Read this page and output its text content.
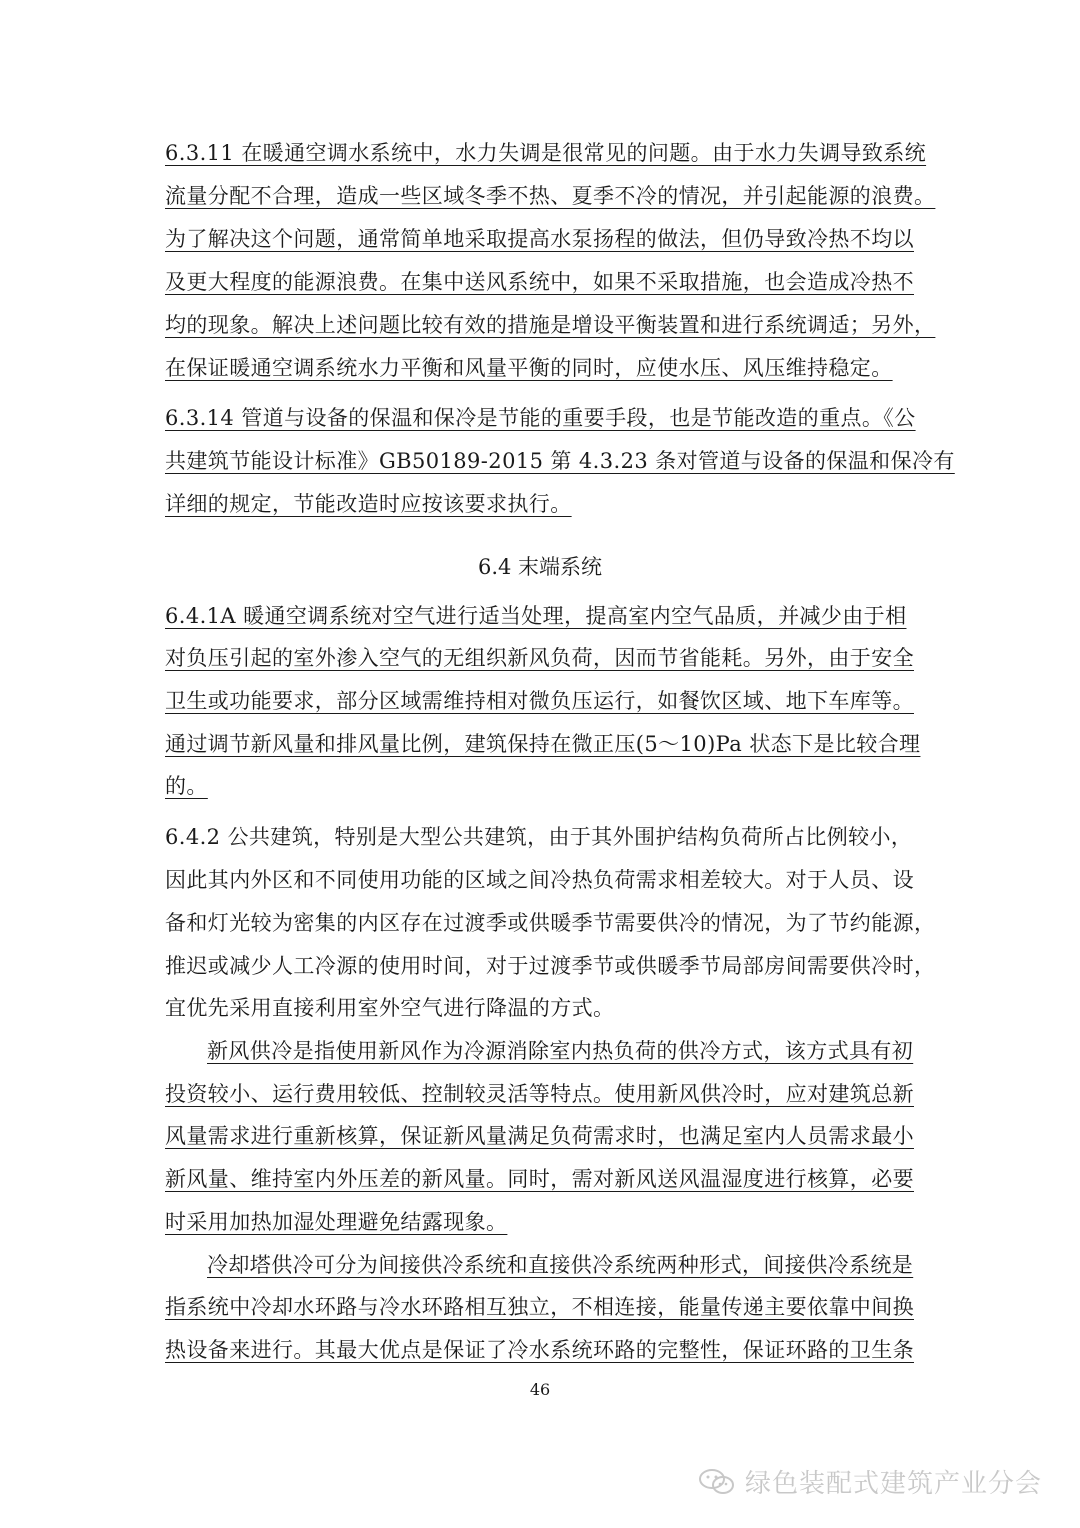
6.3.11 在暖通空调水系统中，水力失调是很常见的问题。由于水力失调导致系统
流量分配不合理，造成一些区域冬季不热、夏季不冷的情况，并引起能源的浪费。
为了解决这个问题，通常简单地采取提高水泵扬程的做法，但仍导致冷热不均以
及更大程度的能源浪费。在集中送风系统中，如果不采取措施，也会造成冷热不
均的现象。解决上述问题比较有效的措施是增设平衡装置和进行系统调适；另外，
在保证暖通空调系统水力平衡和风量平衡的同时，应使水压、风压维持稳定。
6.3.14 管道与设备的保温和保冷是节能的重要手段，也是节能改造的重点。《公
共建筑节能设计标准》GB50189-2015 第 4.3.23 条对管道与设备的保温和保冷有
详细的规定，节能改造时应按该要求执行。
6.4 末端系统
6.4.1A 暖通空调系统对空气进行适当处理，提高室内空气品质，并减少由于相
对负压引起的室外渗入空气的无组织新风负荷，因而节省能耗。另外，由于安全
卫生或功能要求，部分区域需维持相对微负压运行，如餐饮区域、地下车库等。
通过调节新风量和排风量比例，建筑保持在微正压(5～10)Pa 状态下是比较合理
的。
6.4.2 公共建筑，特别是大型公共建筑，由于其外围护结构负荷所占比例较小，
因此其内外区和不同使用功能的区域之间冷热负荷需求相差较大。对于人员、设
备和灯光较为密集的内区存在过渡季或供暖季节需要供冷的情况，为了节约能源，
推迟或减少人工冷源的使用时间，对于过渡季节或供暖季节局部房间需要供冷时，
宜优先采用直接利用室外空气进行降温的方式。
新风供冷是指使用新风作为冷源消除室内热负荷的供冷方式，该方式具有初
投资较小、运行费用较低、控制较灵活等特点。使用新风供冷时，应对建筑总新
风量需求进行重新核算，保证新风量满足负荷需求时，也满足室内人员需求最小
新风量、维持室内外压差的新风量。同时，需对新风送风温湿度进行核算，必要
时采用加热加湿处理避免结露现象。
冷却塔供冷可分为间接供冷系统和直接供冷系统两种形式，间接供冷系统是
指系统中冷却水环路与冷水环路相互独立，不相连接，能量传递主要依靠中间换
热设备来进行。其最大优点是保证了冷水系统环路的完整性，保证环路的卫生条
46
绿色装配式建筑产业分会
